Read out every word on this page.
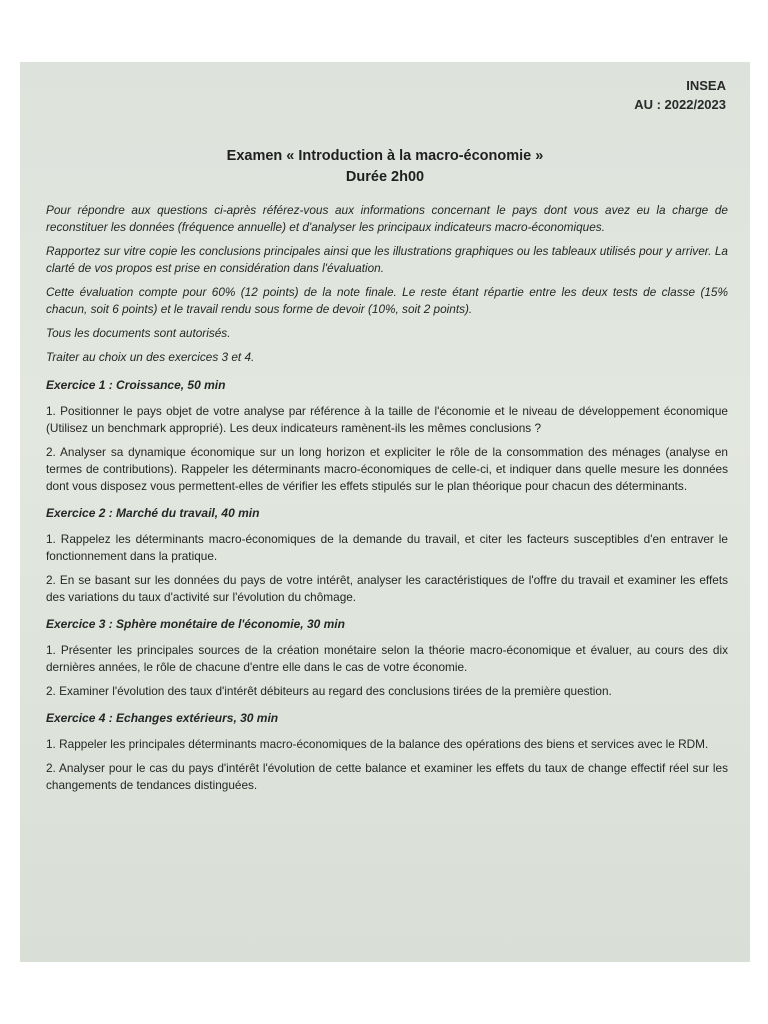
INSEA
AU : 2022/2023
Examen « Introduction à la macro-économie »
Durée 2h00

Pour répondre aux questions ci-après référez-vous aux informations concernant le pays dont vous avez eu la charge de reconstituer les données (fréquence annuelle) et d'analyser les principaux indicateurs macro-économiques.

Rapportez sur vitre copie les conclusions principales ainsi que les illustrations graphiques ou les tableaux utilisés pour y arriver. La clarté de vos propos est prise en considération dans l'évaluation.

Cette évaluation compte pour 60% (12 points) de la note finale. Le reste étant répartie entre les deux tests de classe (15% chacun, soit 6 points) et le travail rendu sous forme de devoir (10%, soit 2 points).

Tous les documents sont autorisés.

Traiter au choix un des exercices 3 et 4.

Exercice 1 : Croissance, 50 min

1. Positionner le pays objet de votre analyse par référence à la taille de l'économie et le niveau de développement économique (Utilisez un benchmark approprié). Les deux indicateurs ramènent-ils les mêmes conclusions ?

2. Analyser sa dynamique économique sur un long horizon et expliciter le rôle de la consommation des ménages (analyse en termes de contributions). Rappeler les déterminants macro-économiques de celle-ci, et indiquer dans quelle mesure les données dont vous disposez vous permettent-elles de vérifier les effets stipulés sur le plan théorique pour chacun des déterminants.

Exercice 2 : Marché du travail, 40 min

1. Rappelez les déterminants macro-économiques de la demande du travail, et citer les facteurs susceptibles d'en entraver le fonctionnement dans la pratique.

2. En se basant sur les données du pays de votre intérêt, analyser les caractéristiques de l'offre du travail et examiner les effets des variations du taux d'activité sur l'évolution du chômage.

Exercice 3 : Sphère monétaire de l'économie, 30 min

1. Présenter les principales sources de la création monétaire selon la théorie macro-économique et évaluer, au cours des dix dernières années, le rôle de chacune d'entre elle dans le cas de votre économie.

2. Examiner l'évolution des taux d'intérêt débiteurs au regard des conclusions tirées de la première question.

Exercice 4 : Echanges extérieurs, 30 min

1. Rappeler les principales déterminants macro-économiques de la balance des opérations des biens et services avec le RDM.

2. Analyser pour le cas du pays d'intérêt l'évolution de cette balance et examiner les effets du taux de change effectif réel sur les changements de tendances distinguées.
